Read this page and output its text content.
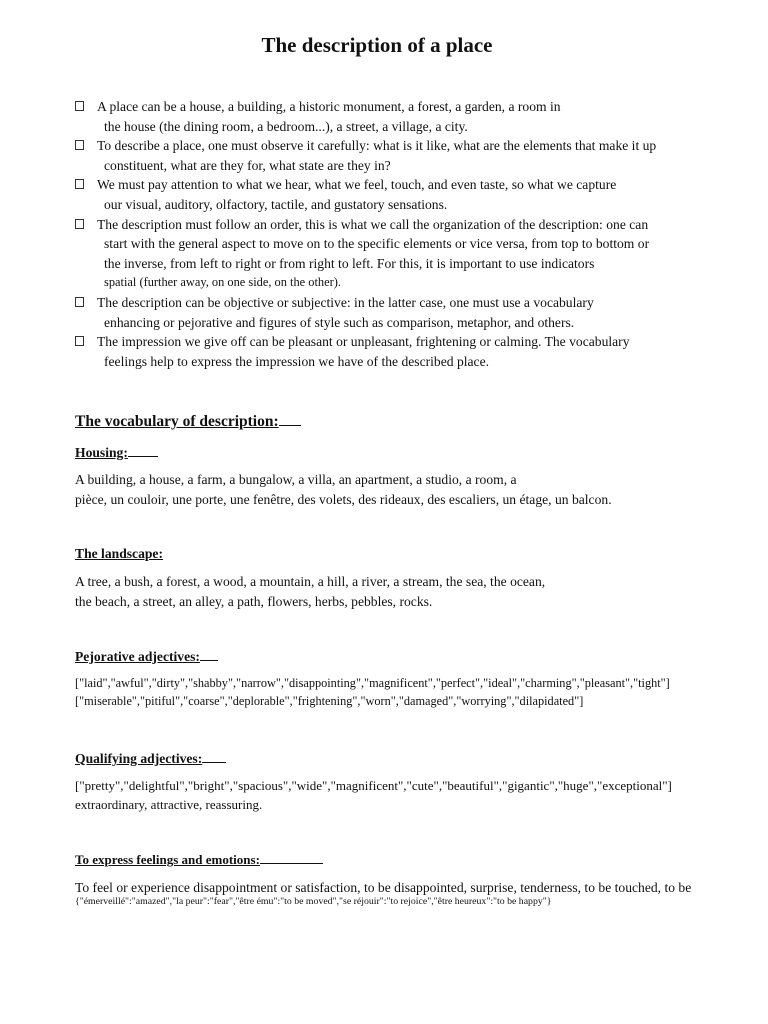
The description of a place
A place can be a house, a building, a historic monument, a forest, a garden, a room in
the house (the dining room, a bedroom...), a street, a village, a city.
To describe a place, one must observe it carefully: what is it like, what are the elements that make it up
constituent, what are they for, what state are they in?
We must pay attention to what we hear, what we feel, touch, and even taste, so what we capture
our visual, auditory, olfactory, tactile, and gustatory sensations.
The description must follow an order, this is what we call the organization of the description: one can
start with the general aspect to move on to the specific elements or vice versa, from top to bottom or
the inverse, from left to right or from right to left. For this, it is important to use indicators
spatial (further away, on one side, on the other).
The description can be objective or subjective: in the latter case, one must use a vocabulary
enhancing or pejorative and figures of style such as comparison, metaphor, and others.
The impression we give off can be pleasant or unpleasant, frightening or calming. The vocabulary
feelings help to express the impression we have of the described place.
The vocabulary of description:
Housing:
A building, a house, a farm, a bungalow, a villa, an apartment, a studio, a room, a
pièce, un couloir, une porte, une fenêtre, des volets, des rideaux, des escaliers, un étage, un balcon.
The landscape:
A tree, a bush, a forest, a wood, a mountain, a hill, a river, a stream, the sea, the ocean,
the beach, a street, an alley, a path, flowers, herbs, pebbles, rocks.
Pejorative adjectives:
["laid","awful","dirty","shabby","narrow","disappointing","magnificent","perfect","ideal","charming","pleasant","tight"]
["miserable","pitiful","coarse","deplorable","frightening","worn","damaged","worrying","dilapidated"]
Qualifying adjectives:
["pretty","delightful","bright","spacious","wide","magnificent","cute","beautiful","gigantic","huge","exceptional"]
extraordinary, attractive, reassuring.
To express feelings and emotions:
To feel or experience disappointment or satisfaction, to be disappointed, surprise, tenderness, to be touched, to be
{"émerveillé":"amazed","la peur":"fear","être ému":"to be moved","se réjouir":"to rejoice","être heureux":"to be happy"}
